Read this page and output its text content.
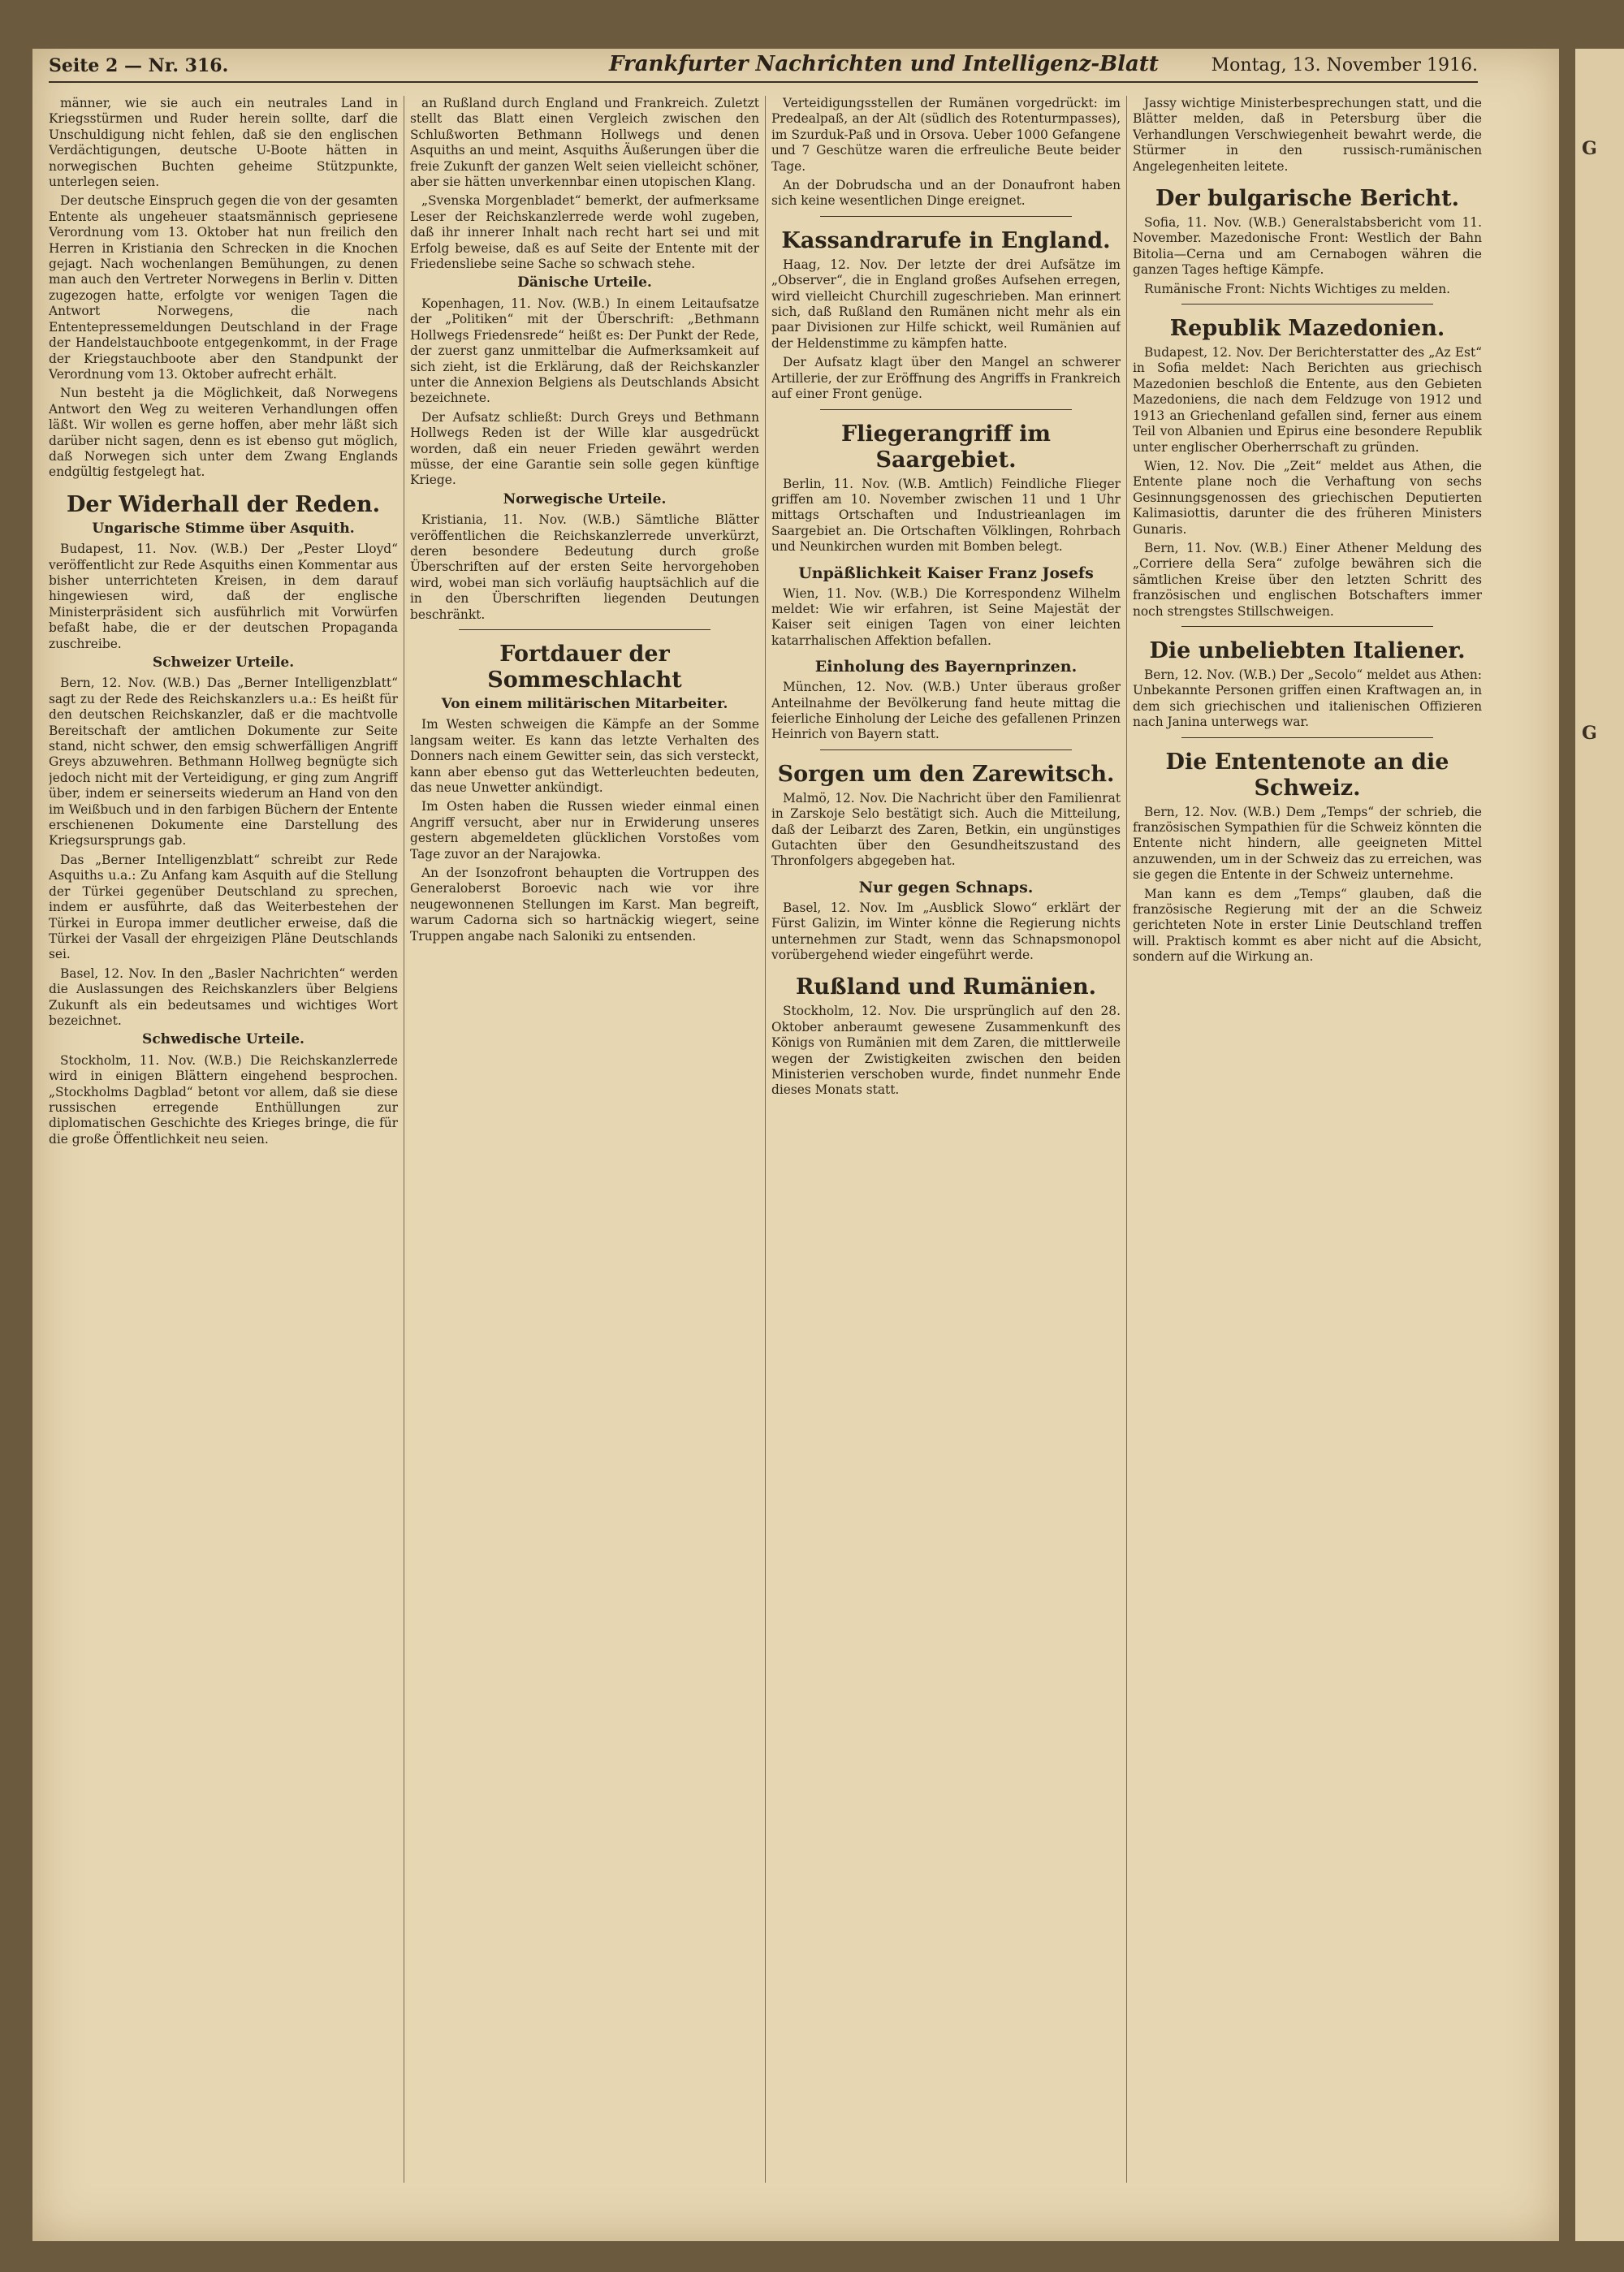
G
G
Seite 2 — Nr. 316.	Frankfurter Nachrichten und Intelligenz-Blatt	Montag, 13. November 1916.

männer, wie sie auch ein neutrales Land in Kriegsstürmen und Ruder herein sollte, darf die Unschuldigung nicht fehlen, daß sie den englischen Verdächtigungen, deutsche U-Boote hätten in norwegischen Buchten geheime Stützpunkte, unterlegen seien.

Der deutsche Einspruch gegen die von der gesamten Entente als ungeheuer staatsmännisch gepriesene Verordnung vom 13. Oktober hat nun freilich den Herren in Kristiania den Schrecken in die Knochen gejagt. Nach wochenlangen Bemühungen, zu denen man auch den Vertreter Norwegens in Berlin v. Ditten zugezogen hatte, erfolgte vor wenigen Tagen die Antwort Norwegens, die nach Ententepressemeldungen Deutschland in der Frage der Handelstauchboote entgegenkommt, in der Frage der Kriegstauchboote aber den Standpunkt der Verordnung vom 13. Oktober aufrecht erhält.

Nun besteht ja die Möglichkeit, daß Norwegens Antwort den Weg zu weiteren Verhandlungen offen läßt. Wir wollen es gerne hoffen, aber mehr läßt sich darüber nicht sagen, denn es ist ebenso gut möglich, daß Norwegen sich unter dem Zwang Englands endgültig festgelegt hat.

Der Widerhall der Reden.
Ungarische Stimme über Asquith.

Budapest, 11. Nov. (W.B.) Der „Pester Lloyd“ veröffentlicht zur Rede Asquiths einen Kommentar aus bisher unterrichteten Kreisen, in dem darauf hingewiesen wird, daß der englische Ministerpräsident sich ausführlich mit Vorwürfen befaßt habe, die er der deutschen Propaganda zuschreibe.

Schweizer Urteile.

Bern, 12. Nov. (W.B.) Das „Berner Intelligenzblatt“ sagt zu der Rede des Reichskanzlers u.a.: Es heißt für den deutschen Reichskanzler, daß er die machtvolle Bereitschaft der amtlichen Dokumente zur Seite stand, nicht schwer, den emsig schwerfälligen Angriff Greys abzuwehren. Bethmann Hollweg begnügte sich jedoch nicht mit der Verteidigung, er ging zum Angriff über, indem er seinerseits wiederum an Hand von den im Weißbuch und in den farbigen Büchern der Entente erschienenen Dokumente eine Darstellung des Kriegsursprungs gab.

Das „Berner Intelligenzblatt“ schreibt zur Rede Asquiths u.a.: Zu Anfang kam Asquith auf die Stellung der Türkei gegenüber Deutschland zu sprechen, indem er ausführte, daß das Weiterbestehen der Türkei in Europa immer deutlicher erweise, daß die Türkei der Vasall der ehrgeizigen Pläne Deutschlands sei.

Basel, 12. Nov. In den „Basler Nachrichten“ werden die Auslassungen des Reichskanzlers über Belgiens Zukunft als ein bedeutsames und wichtiges Wort bezeichnet.

Schwedische Urteile.

Stockholm, 11. Nov. (W.B.) Die Reichskanzlerrede wird in einigen Blättern eingehend besprochen. „Stockholms Dagblad“ betont vor allem, daß sie diese russischen erregende Enthüllungen zur diplomatischen Geschichte des Krieges bringe, die für die große Öffentlichkeit neu seien.

an Rußland durch England und Frankreich. Zuletzt stellt das Blatt einen Vergleich zwischen den Schlußworten Bethmann Hollwegs und denen Asquiths an und meint, Asquiths Äußerungen über die freie Zukunft der ganzen Welt seien vielleicht schöner, aber sie hätten unverkennbar einen utopischen Klang.

„Svenska Morgenbladet“ bemerkt, der aufmerksame Leser der Reichskanzlerrede werde wohl zugeben, daß ihr innerer Inhalt nach recht hart sei und mit Erfolg beweise, daß es auf Seite der Entente mit der Friedensliebe seine Sache so schwach stehe.

Dänische Urteile.

Kopenhagen, 11. Nov. (W.B.) In einem Leitaufsatze der „Politiken“ mit der Überschrift: „Bethmann Hollwegs Friedensrede“ heißt es: Der Punkt der Rede, der zuerst ganz unmittelbar die Aufmerksamkeit auf sich zieht, ist die Erklärung, daß der Reichskanzler unter die Annexion Belgiens als Deutschlands Absicht bezeichnete.

Der Aufsatz schließt: Durch Greys und Bethmann Hollwegs Reden ist der Wille klar ausgedrückt worden, daß ein neuer Frieden gewährt werden müsse, der eine Garantie sein solle gegen künftige Kriege.

Norwegische Urteile.

Kristiania, 11. Nov. (W.B.) Sämtliche Blätter veröffentlichen die Reichskanzlerrede unverkürzt, deren besondere Bedeutung durch große Überschriften auf der ersten Seite hervorgehoben wird, wobei man sich vorläufig hauptsächlich auf die in den Überschriften liegenden Deutungen beschränkt.

Fortdauer der Sommeschlacht
Von einem militärischen Mitarbeiter.

Im Westen schweigen die Kämpfe an der Somme langsam weiter. Es kann das letzte Verhalten des Donners nach einem Gewitter sein, das sich versteckt, kann aber ebenso gut das Wetterleuchten bedeuten, das neue Unwetter ankündigt.

Im Osten haben die Russen wieder einmal einen Angriff versucht, aber nur in Erwiderung unseres gestern abgemeldeten glücklichen Vorstoßes vom Tage zuvor an der Narajowka.

An der Isonzofront behaupten die Vortruppen des Generaloberst Boroevic nach wie vor ihre neugewonnenen Stellungen im Karst. Man begreift, warum Cadorna sich so hartnäckig wiegert, seine Truppen angabe nach Saloniki zu entsenden.

Verteidigungsstellen der Rumänen vorgedrückt: im Predealpaß, an der Alt (südlich des Rotenturmpasses), im Szurduk-Paß und in Orsova. Ueber 1000 Gefangene und 7 Geschütze waren die erfreuliche Beute beider Tage.

An der Dobrudscha und an der Donaufront haben sich keine wesentlichen Dinge ereignet.

Kassandrarufe in England.

Haag, 12. Nov. Der letzte der drei Aufsätze im „Observer“, die in England großes Aufsehen erregen, wird vielleicht Churchill zugeschrieben. Man erinnert sich, daß Rußland den Rumänen nicht mehr als ein paar Divisionen zur Hilfe schickt, weil Rumänien auf der Heldenstimme zu kämpfen hatte.

Der Aufsatz klagt über den Mangel an schwerer Artillerie, der zur Eröffnung des Angriffs in Frankreich auf einer Front genüge.

Fliegerangriff im Saargebiet.

Berlin, 11. Nov. (W.B. Amtlich) Feindliche Flieger griffen am 10. November zwischen 11 und 1 Uhr mittags Ortschaften und Industrieanlagen im Saargebiet an. Die Ortschaften Völklingen, Rohrbach und Neunkirchen wurden mit Bomben belegt.

Unpäßlichkeit Kaiser Franz Josefs

Wien, 11. Nov. (W.B.) Die Korrespondenz Wilhelm meldet: Wie wir erfahren, ist Seine Majestät der Kaiser seit einigen Tagen von einer leichten katarrhalischen Affektion befallen.

Einholung des Bayernprinzen.

München, 12. Nov. (W.B.) Unter überaus großer Anteilnahme der Bevölkerung fand heute mittag die feierliche Einholung der Leiche des gefallenen Prinzen Heinrich von Bayern statt.

Sorgen um den Zarewitsch.

Malmö, 12. Nov. Die Nachricht über den Familienrat in Zarskoje Selo bestätigt sich. Auch die Mitteilung, daß der Leibarzt des Zaren, Betkin, ein ungünstiges Gutachten über den Gesundheitszustand des Thronfolgers abgegeben hat.

Nur gegen Schnaps.

Basel, 12. Nov. Im „Ausblick Slowo“ erklärt der Fürst Galizin, im Winter könne die Regierung nichts unternehmen zur Stadt, wenn das Schnapsmonopol vorübergehend wieder eingeführt werde.

Rußland und Rumänien.

Stockholm, 12. Nov. Die ursprünglich auf den 28. Oktober anberaumt gewesene Zusammenkunft des Königs von Rumänien mit dem Zaren, die mittlerweile wegen der Zwistigkeiten zwischen den beiden Ministerien verschoben wurde, findet nunmehr Ende dieses Monats statt.

Jassy wichtige Ministerbesprechungen statt, und die Blätter melden, daß in Petersburg über die Verhandlungen Verschwiegenheit bewahrt werde, die Stürmer in den russisch-rumänischen Angelegenheiten leitete.

Der bulgarische Bericht.

Sofia, 11. Nov. (W.B.) Generalstabsbericht vom 11. November. Mazedonische Front: Westlich der Bahn Bitolia—Cerna und am Cernabogen währen die ganzen Tages heftige Kämpfe.

Rumänische Front: Nichts Wichtiges zu melden.

Republik Mazedonien.

Budapest, 12. Nov. Der Berichterstatter des „Az Est“ in Sofia meldet: Nach Berichten aus griechisch Mazedonien beschloß die Entente, aus den Gebieten Mazedoniens, die nach dem Feldzuge von 1912 und 1913 an Griechenland gefallen sind, ferner aus einem Teil von Albanien und Epirus eine besondere Republik unter englischer Oberherrschaft zu gründen.

Wien, 12. Nov. Die „Zeit“ meldet aus Athen, die Entente plane noch die Verhaftung von sechs Gesinnungsgenossen des griechischen Deputierten Kalimasiottis, darunter die des früheren Ministers Gunaris.

Bern, 11. Nov. (W.B.) Einer Athener Meldung des „Corriere della Sera“ zufolge bewähren sich die sämtlichen Kreise über den letzten Schritt des französischen und englischen Botschafters immer noch strengstes Stillschweigen.

Die unbeliebten Italiener.

Bern, 12. Nov. (W.B.) Der „Secolo“ meldet aus Athen: Unbekannte Personen griffen einen Kraftwagen an, in dem sich griechischen und italienischen Offizieren nach Janina unterwegs war.

Die Ententenote an die Schweiz.

Bern, 12. Nov. (W.B.) Dem „Temps“ der schrieb, die französischen Sympathien für die Schweiz könnten die Entente nicht hindern, alle geeigneten Mittel anzuwenden, um in der Schweiz das zu erreichen, was sie gegen die Entente in der Schweiz unternehme.

Man kann es dem „Temps“ glauben, daß die französische Regierung mit der an die Schweiz gerichteten Note in erster Linie Deutschland treffen will. Praktisch kommt es aber nicht auf die Absicht, sondern auf die Wirkung an.
